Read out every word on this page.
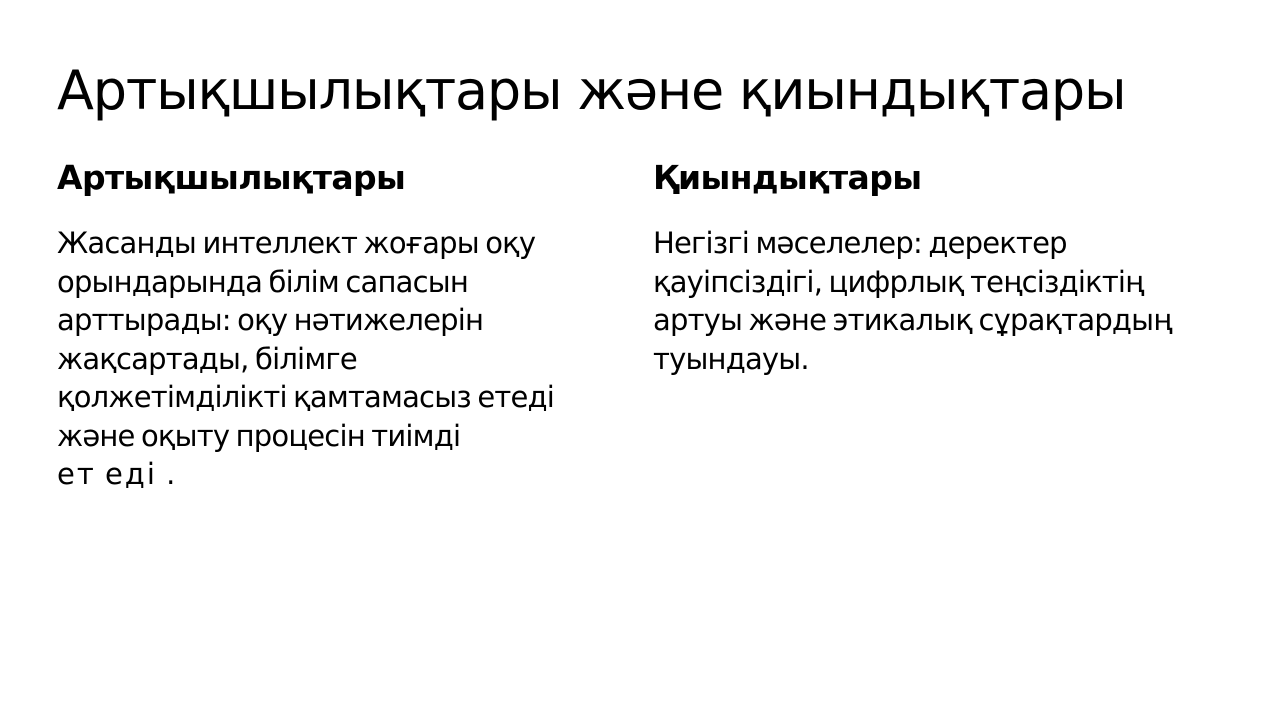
Артықшылықтары және қиындықтары
Артықшылықтары

Жасанды интеллект жоғары оқу орындарында білім сапасын арттырады: оқу нәтижелерін жақсартады, білімге қолжетімділікті қамтамасыз етеді және оқыту процесін тиімді
ет еді .

Қиындықтары

Негізгі мәселелер: деректер қауіпсіздігі, цифрлық теңсіздіктің артуы және этикалық сұрақтардың туындауы.
